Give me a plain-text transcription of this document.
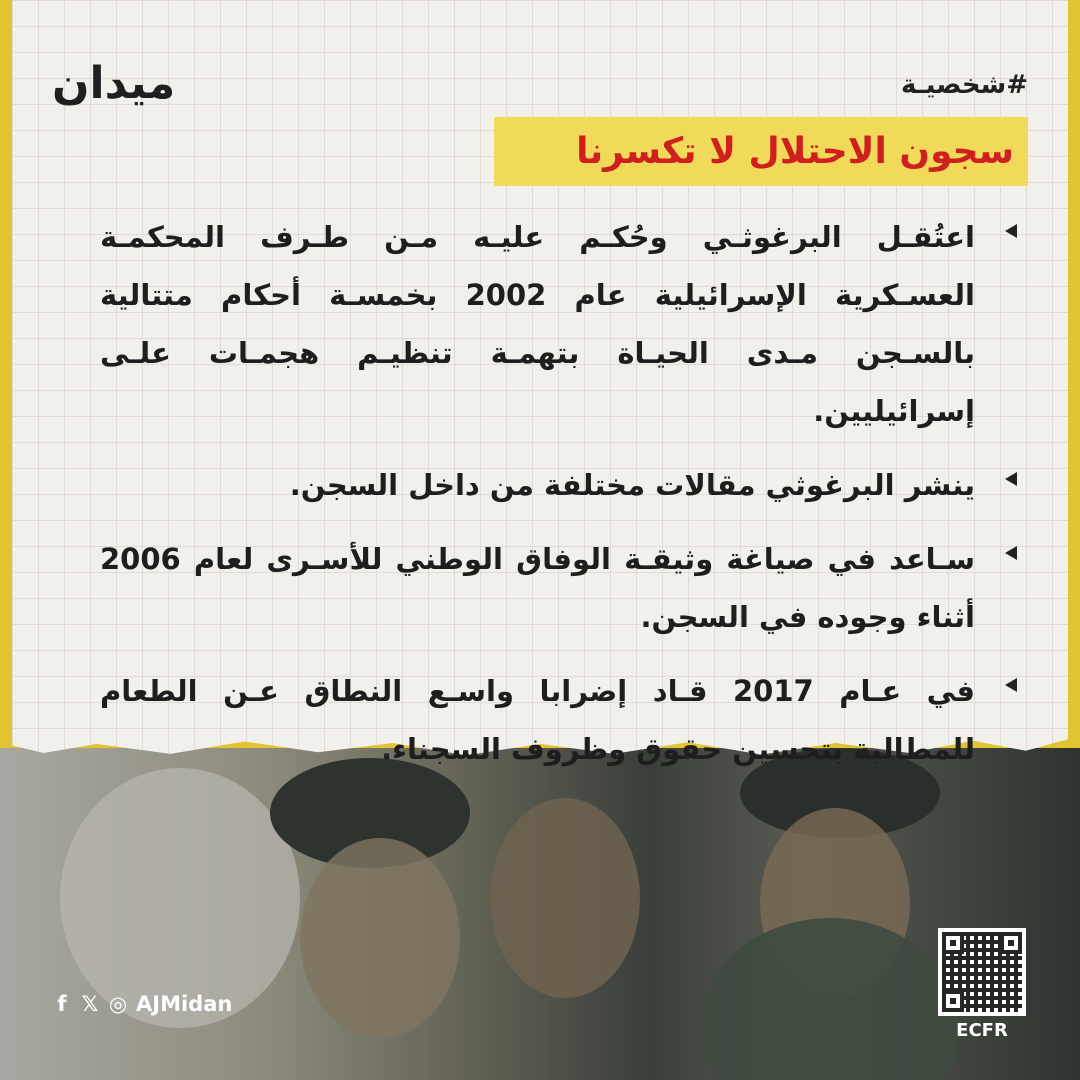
ميدان	#شخصيـة
سجون الاحتلال لا تكسرنا
اعتُقـل البرغوثـي وحُكـم عليـه مـن طـرف المحكمـة العسـكرية الإسرائيلية عام 2002 بخمسـة أحكام متتالية بالسـجن مـدى الحيـاة بتهمـة تنظيـم هجمـات علـى إسرائيليين.
ينشر البرغوثي مقالات مختلفة من داخل السجن.
سـاعد في صياغة وثيقـة الوفاق الوطني للأسـرى لعام 2006 أثناء وجوده في السجن.
في عـام 2017 قـاد إضرابا واسـع النطاق عـن الطعام للمطالبة بتحسين حقوق وظروف السجناء.
f 𝕏 ◎ AJMidan
ECFR
